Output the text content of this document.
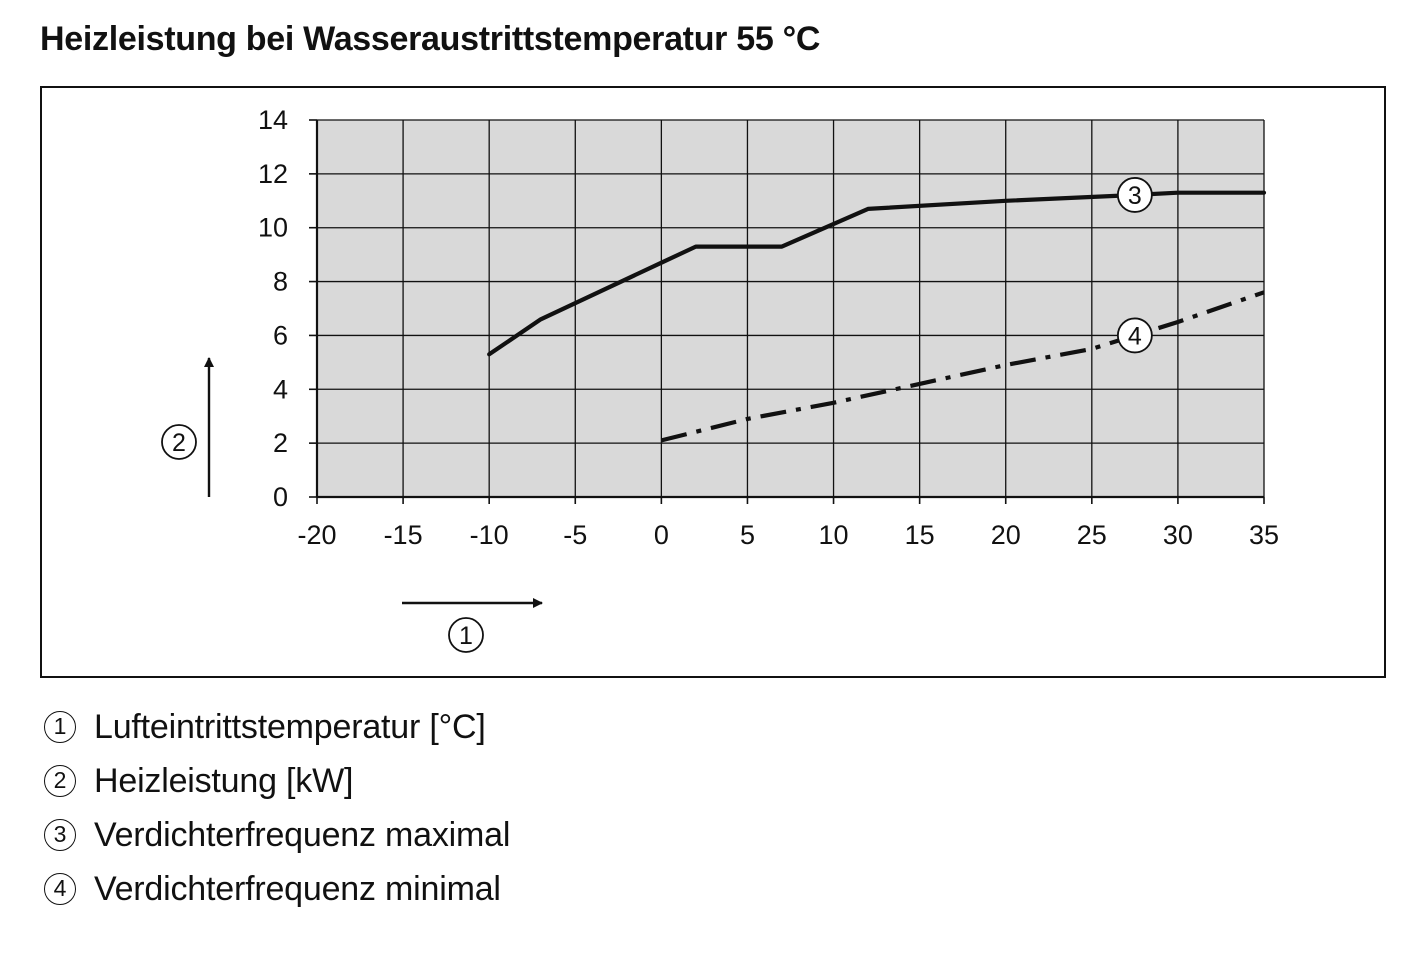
Heizleistung bei Wasseraustrittstemperatur 55 °C
-20 -15 -10 -5 0	5 10 15 20 25 30 35
0
2
4
6
8
10
12
14
3
4
2
1
1 Lufteintrittstemperatur [°C]
2 Heizleistung [kW]
3 Verdichterfrequenz maximal
4 Verdichterfrequenz minimal
